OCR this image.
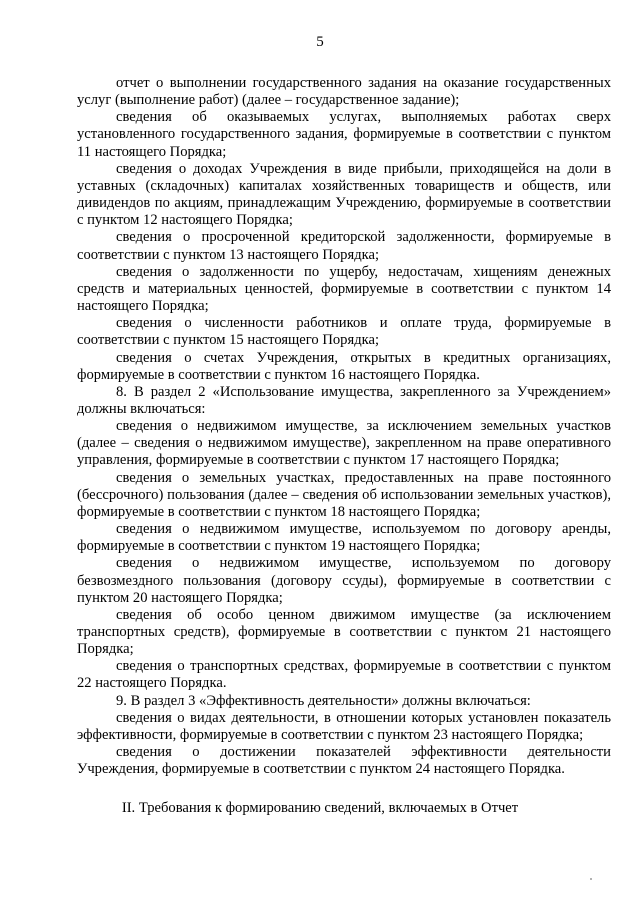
5

отчет о выполнении государственного задания на оказание государственных услуг (выполнение работ) (далее – государственное задание);

сведения об оказываемых услугах, выполняемых работах сверх установленного государственного задания, формируемые в соответствии с пунктом 11 настоящего Порядка;

сведения о доходах Учреждения в виде прибыли, приходящейся на доли в уставных (складочных) капиталах хозяйственных товариществ и обществ, или дивидендов по акциям, принадлежащим Учреждению, формируемые в соответствии с пунктом 12 настоящего Порядка;

сведения о просроченной кредиторской задолженности, формируемые в соответствии с пунктом 13 настоящего Порядка;

сведения о задолженности по ущербу, недостачам, хищениям денежных средств и материальных ценностей, формируемые в соответствии с пунктом 14 настоящего Порядка;

сведения о численности работников и оплате труда, формируемые в соответствии с пунктом 15 настоящего Порядка;

сведения о счетах Учреждения, открытых в кредитных организациях, формируемые в соответствии с пунктом 16 настоящего Порядка.

8. В раздел 2 «Использование имущества, закрепленного за Учреждением» должны включаться:

сведения о недвижимом имуществе, за исключением земельных участков (далее – сведения о недвижимом имуществе), закрепленном на праве оперативного управления, формируемые в соответствии с пунктом 17 настоящего Порядка;

сведения о земельных участках, предоставленных на праве постоянного (бессрочного) пользования (далее – сведения об использовании земельных участков), формируемые в соответствии с пунктом 18 настоящего Порядка;

сведения о недвижимом имуществе, используемом по договору аренды, формируемые в соответствии с пунктом 19 настоящего Порядка;

сведения о недвижимом имуществе, используемом по договору безвозмездного пользования (договору ссуды), формируемые в соответствии с пунктом 20 настоящего Порядка;

сведения об особо ценном движимом имуществе (за исключением транспортных средств), формируемые в соответствии с пунктом 21 настоящего Порядка;

сведения о транспортных средствах, формируемые в соответствии с пунктом 22 настоящего Порядка.

9. В раздел 3 «Эффективность деятельности» должны включаться:

сведения о видах деятельности, в отношении которых установлен показатель эффективности, формируемые в соответствии с пунктом 23 настоящего Порядка;

сведения о достижении показателей эффективности деятельности Учреждения, формируемые в соответствии с пунктом 24 настоящего Порядка.

II. Требования к формированию сведений, включаемых в Отчет
